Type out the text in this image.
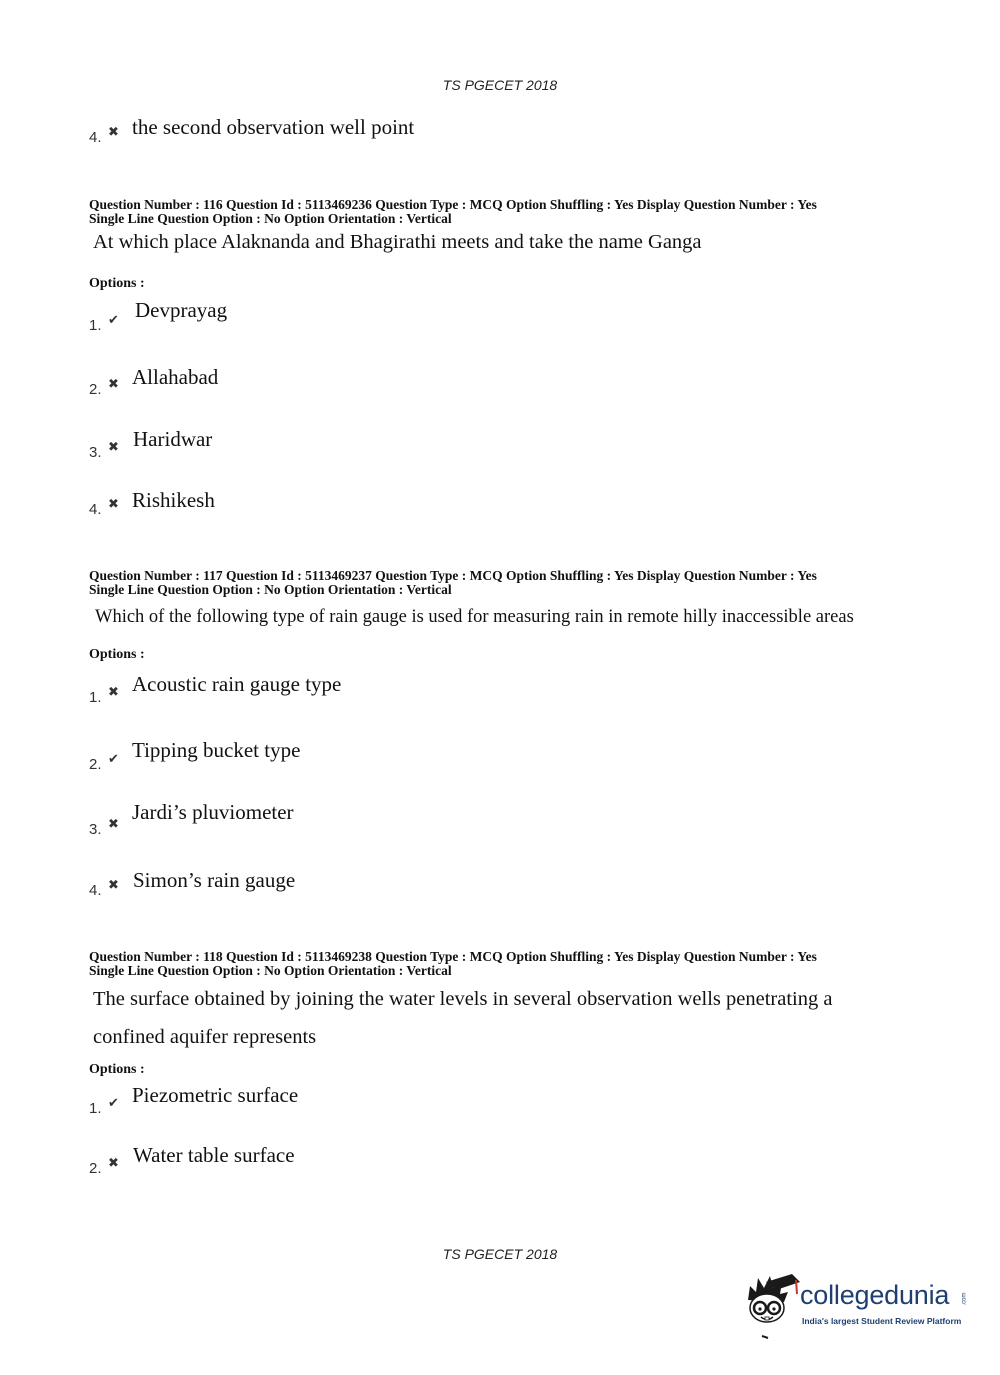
TS PGECET 2018
4. ✖ the second observation well point
Question Number : 116 Question Id : 5113469236 Question Type : MCQ Option Shuffling : Yes Display Question Number : Yes
Single Line Question Option : No Option Orientation : Vertical
At which place Alaknanda and Bhagirathi meets and take the name Ganga
Options :
1. ✔ Devprayag
2. ✖ Allahabad
3. ✖ Haridwar
4. ✖ Rishikesh
Question Number : 117 Question Id : 5113469237 Question Type : MCQ Option Shuffling : Yes Display Question Number : Yes
Single Line Question Option : No Option Orientation : Vertical
Which of the following type of rain gauge is used for measuring rain in remote hilly inaccessible areas
Options :
1. ✖ Acoustic rain gauge type
2. ✔ Tipping bucket type
3. ✖
Jardi’s pluviometer
4. ✖ Simon’s rain gauge
Question Number : 118 Question Id : 5113469238 Question Type : MCQ Option Shuffling : Yes Display Question Number : Yes
Single Line Question Option : No Option Orientation : Vertical
The surface obtained by joining the water levels in several observation wells penetrating a
confined aquifer represents
Options :
1. ✔ Piezometric surface
2. ✖ Water table surface
TS PGECET 2018
collegedunia .com
India's largest Student Review Platform
